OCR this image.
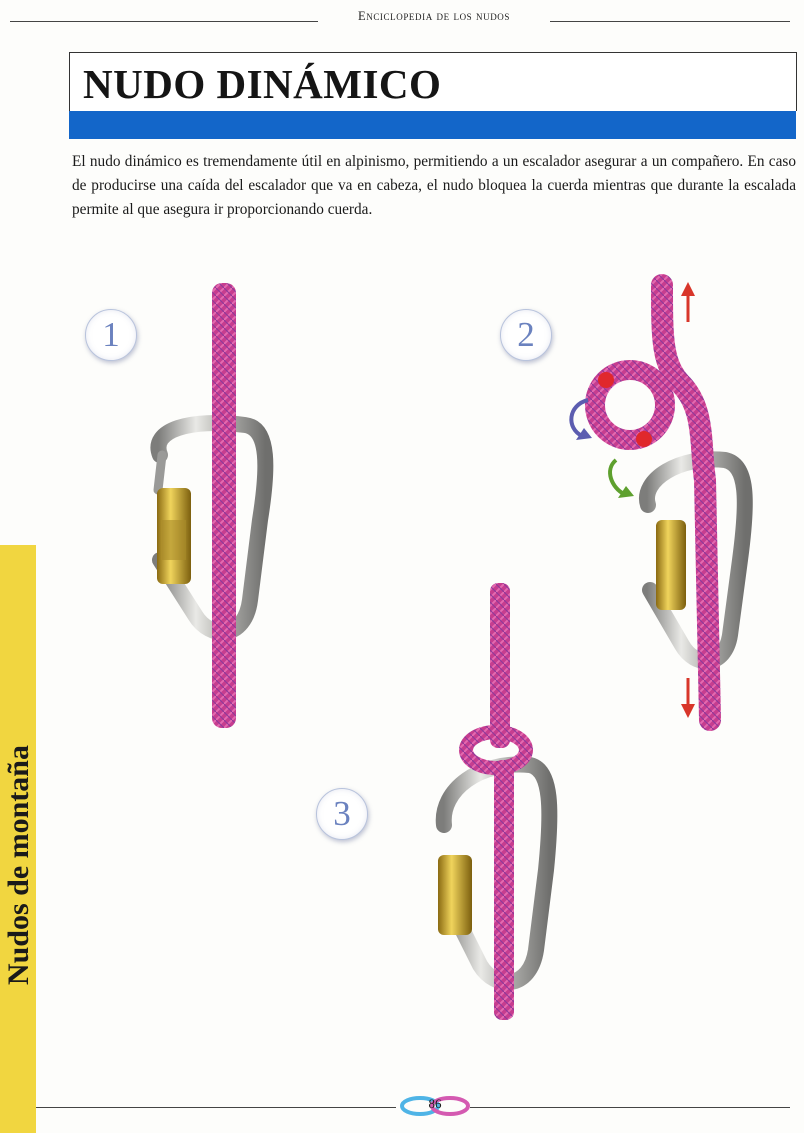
Enciclopedia de los nudos
NUDO DINÁMICO

El nudo dinámico es tremendamente útil en alpinismo, permitiendo a un escalador asegurar a un compañero. En caso de producirse una caída del escalador que va en cabeza, el nudo bloquea la cuerda mientras que durante la escalada permite al que asegura ir proporcionando cuerda.

1	2
3
Nudos de montaña
86
